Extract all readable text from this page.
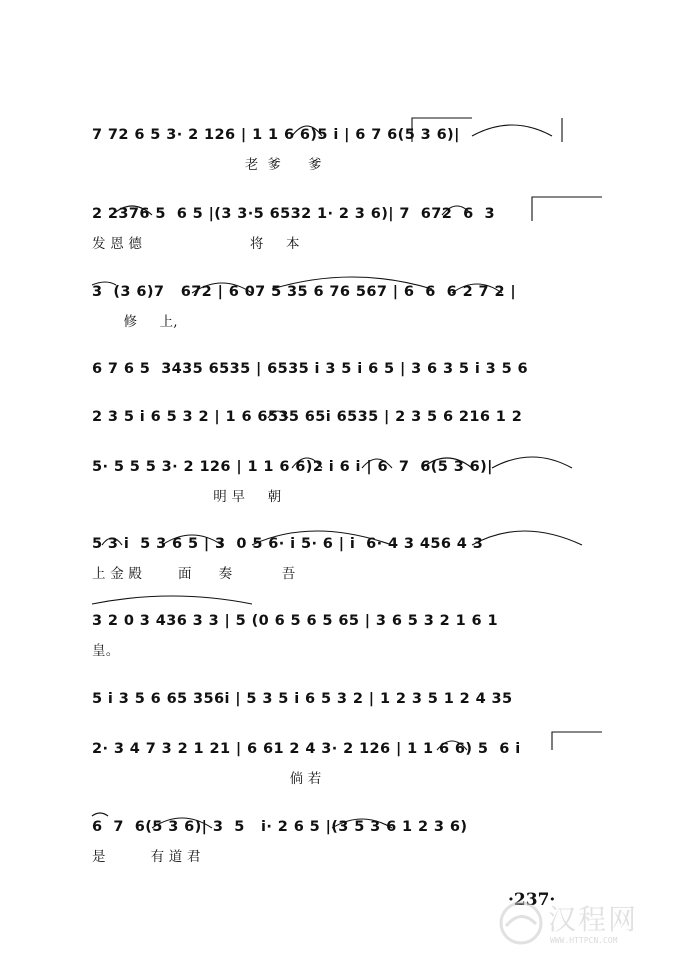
7 72 6 5 3· 2 126 | 1 1 6 6)5 i | 6 7 6(5 3 6)|
老  爹      爹
2 2376 5  6 5 |(3 3·5 6532 1· 2 3 6)| 7  672  6  3
发 恩 德                        将     本
3  (3 6)7   672 | 6 07 5 35 6 76 567 | 6  6  6 2 7 2 |
修     上,
6 7 6 5  3435 6535 | 6535 i 3 5 i 6 5 | 3 6 3 5 i 3 5 6
2 3 5 i 6 5 3 2 | 1 6 6535 65i 6535 | 2 3 5 6 216 1 2
5· 5 5 5 3· 2 126 | 1 1 6 6)2 i 6 i | 6  7  6(5 3 6)|
明 早     朝
5 3 i  5 3 6 5 | 3  0 5 6· i 5· 6 | i  6· 4 3 456 4 3
上 金 殿        面      奏           吾
3 2 0 3 436 3 3 | 5 (0 6 5 6 5 65 | 3 6 5 3 2 1 6 1
皇。
5 i 3 5 6 65 356i | 5 3 5 i 6 5 3 2 | 1 2 3 5 1 2 4 35
2· 3 4 7 3 2 1 21 | 6 61 2 4 3· 2 126 | 1 1 6 6) 5  6 i
倘 若
6  7  6(5 3 6)| 3  5   i· 2 6 5 |(3 5 3 6 1 2 3 6)
是          有 道 君
·237·
汉程网
WWW.HTTPCN.COM
